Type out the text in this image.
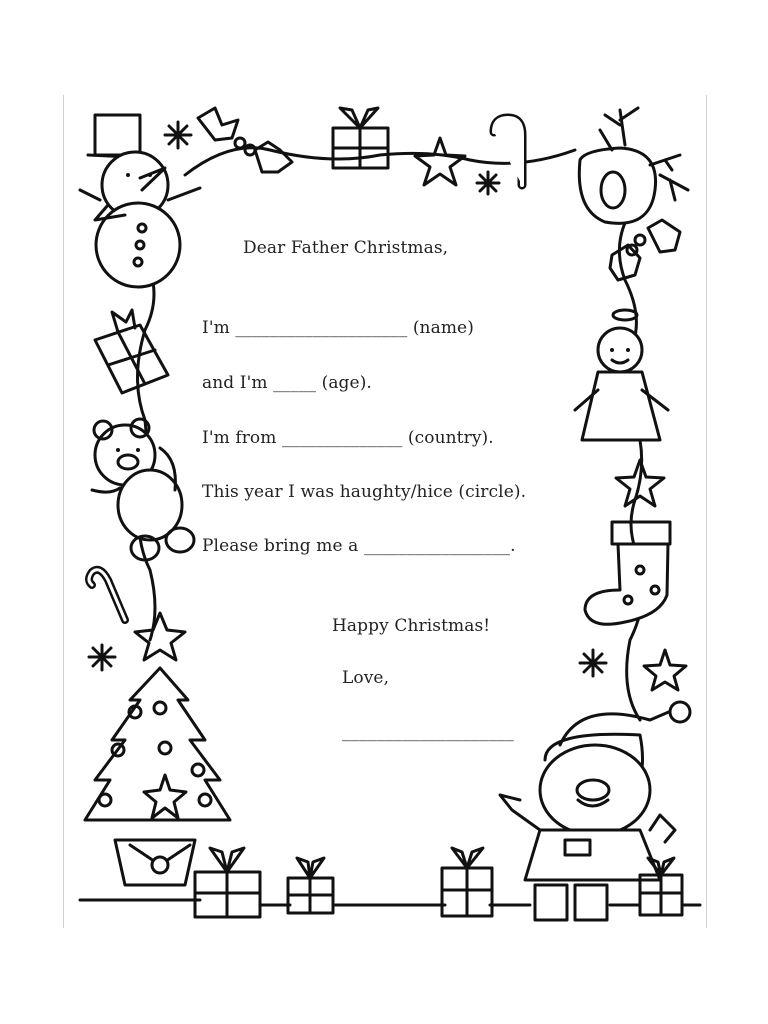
Dear Father Christmas,
I'm ____________________ (name)
and I'm _____ (age).
I'm from ______________ (country).
This year I was haughty/hice (circle).
Please bring me a _________________.
Happy Christmas!
Love,
____________________
